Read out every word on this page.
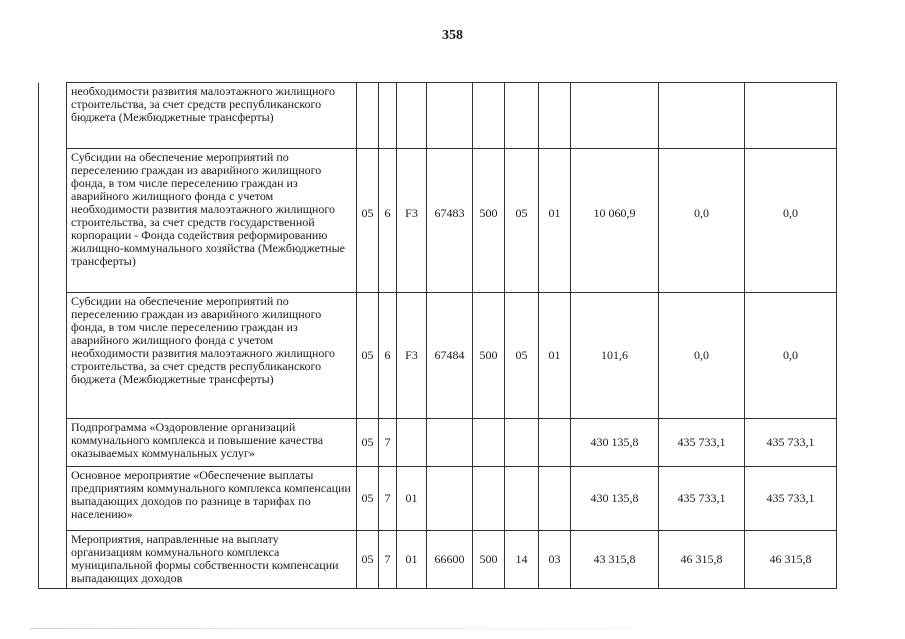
358
	необходимости развития малоэтажного жилищного строительства, за счет средств республиканского бюджета (Межбюджетные трансферты)										
	Субсидии на обеспечение мероприятий по переселению граждан из аварийного жилищного фонда, в том числе переселению граждан из аварийного жилищного фонда с учетом необходимости развития малоэтажного жилищного строительства, за счет средств государственной корпорации - Фонда содействия реформированию жилищно-коммунального хозяйства (Межбюджетные трансферты)	05	6	F3	67483	500	05	01	10 060,9	0,0	0,0
	Субсидии на обеспечение мероприятий по переселению граждан из аварийного жилищного фонда, в том числе переселению граждан из аварийного жилищного фонда с учетом необходимости развития малоэтажного жилищного строительства, за счет средств республиканского бюджета (Межбюджетные трансферты)	05	6	F3	67484	500	05	01	101,6	0,0	0,0
	Подпрограмма «Оздоровление организаций коммунального комплекса и повышение качества оказываемых коммунальных услуг»	05	7						430 135,8	435 733,1	435 733,1
	Основное мероприятие «Обеспечение выплаты предприятиям коммунального комплекса компенсации выпадающих доходов по разнице в тарифах по населению»	05	7	01					430 135,8	435 733,1	435 733,1
	Мероприятия, направленные на выплату организациям коммунального комплекса муниципальной формы собственности компенсации выпадающих доходов	05	7	01	66600	500	14	03	43 315,8	46 315,8	46 315,8
